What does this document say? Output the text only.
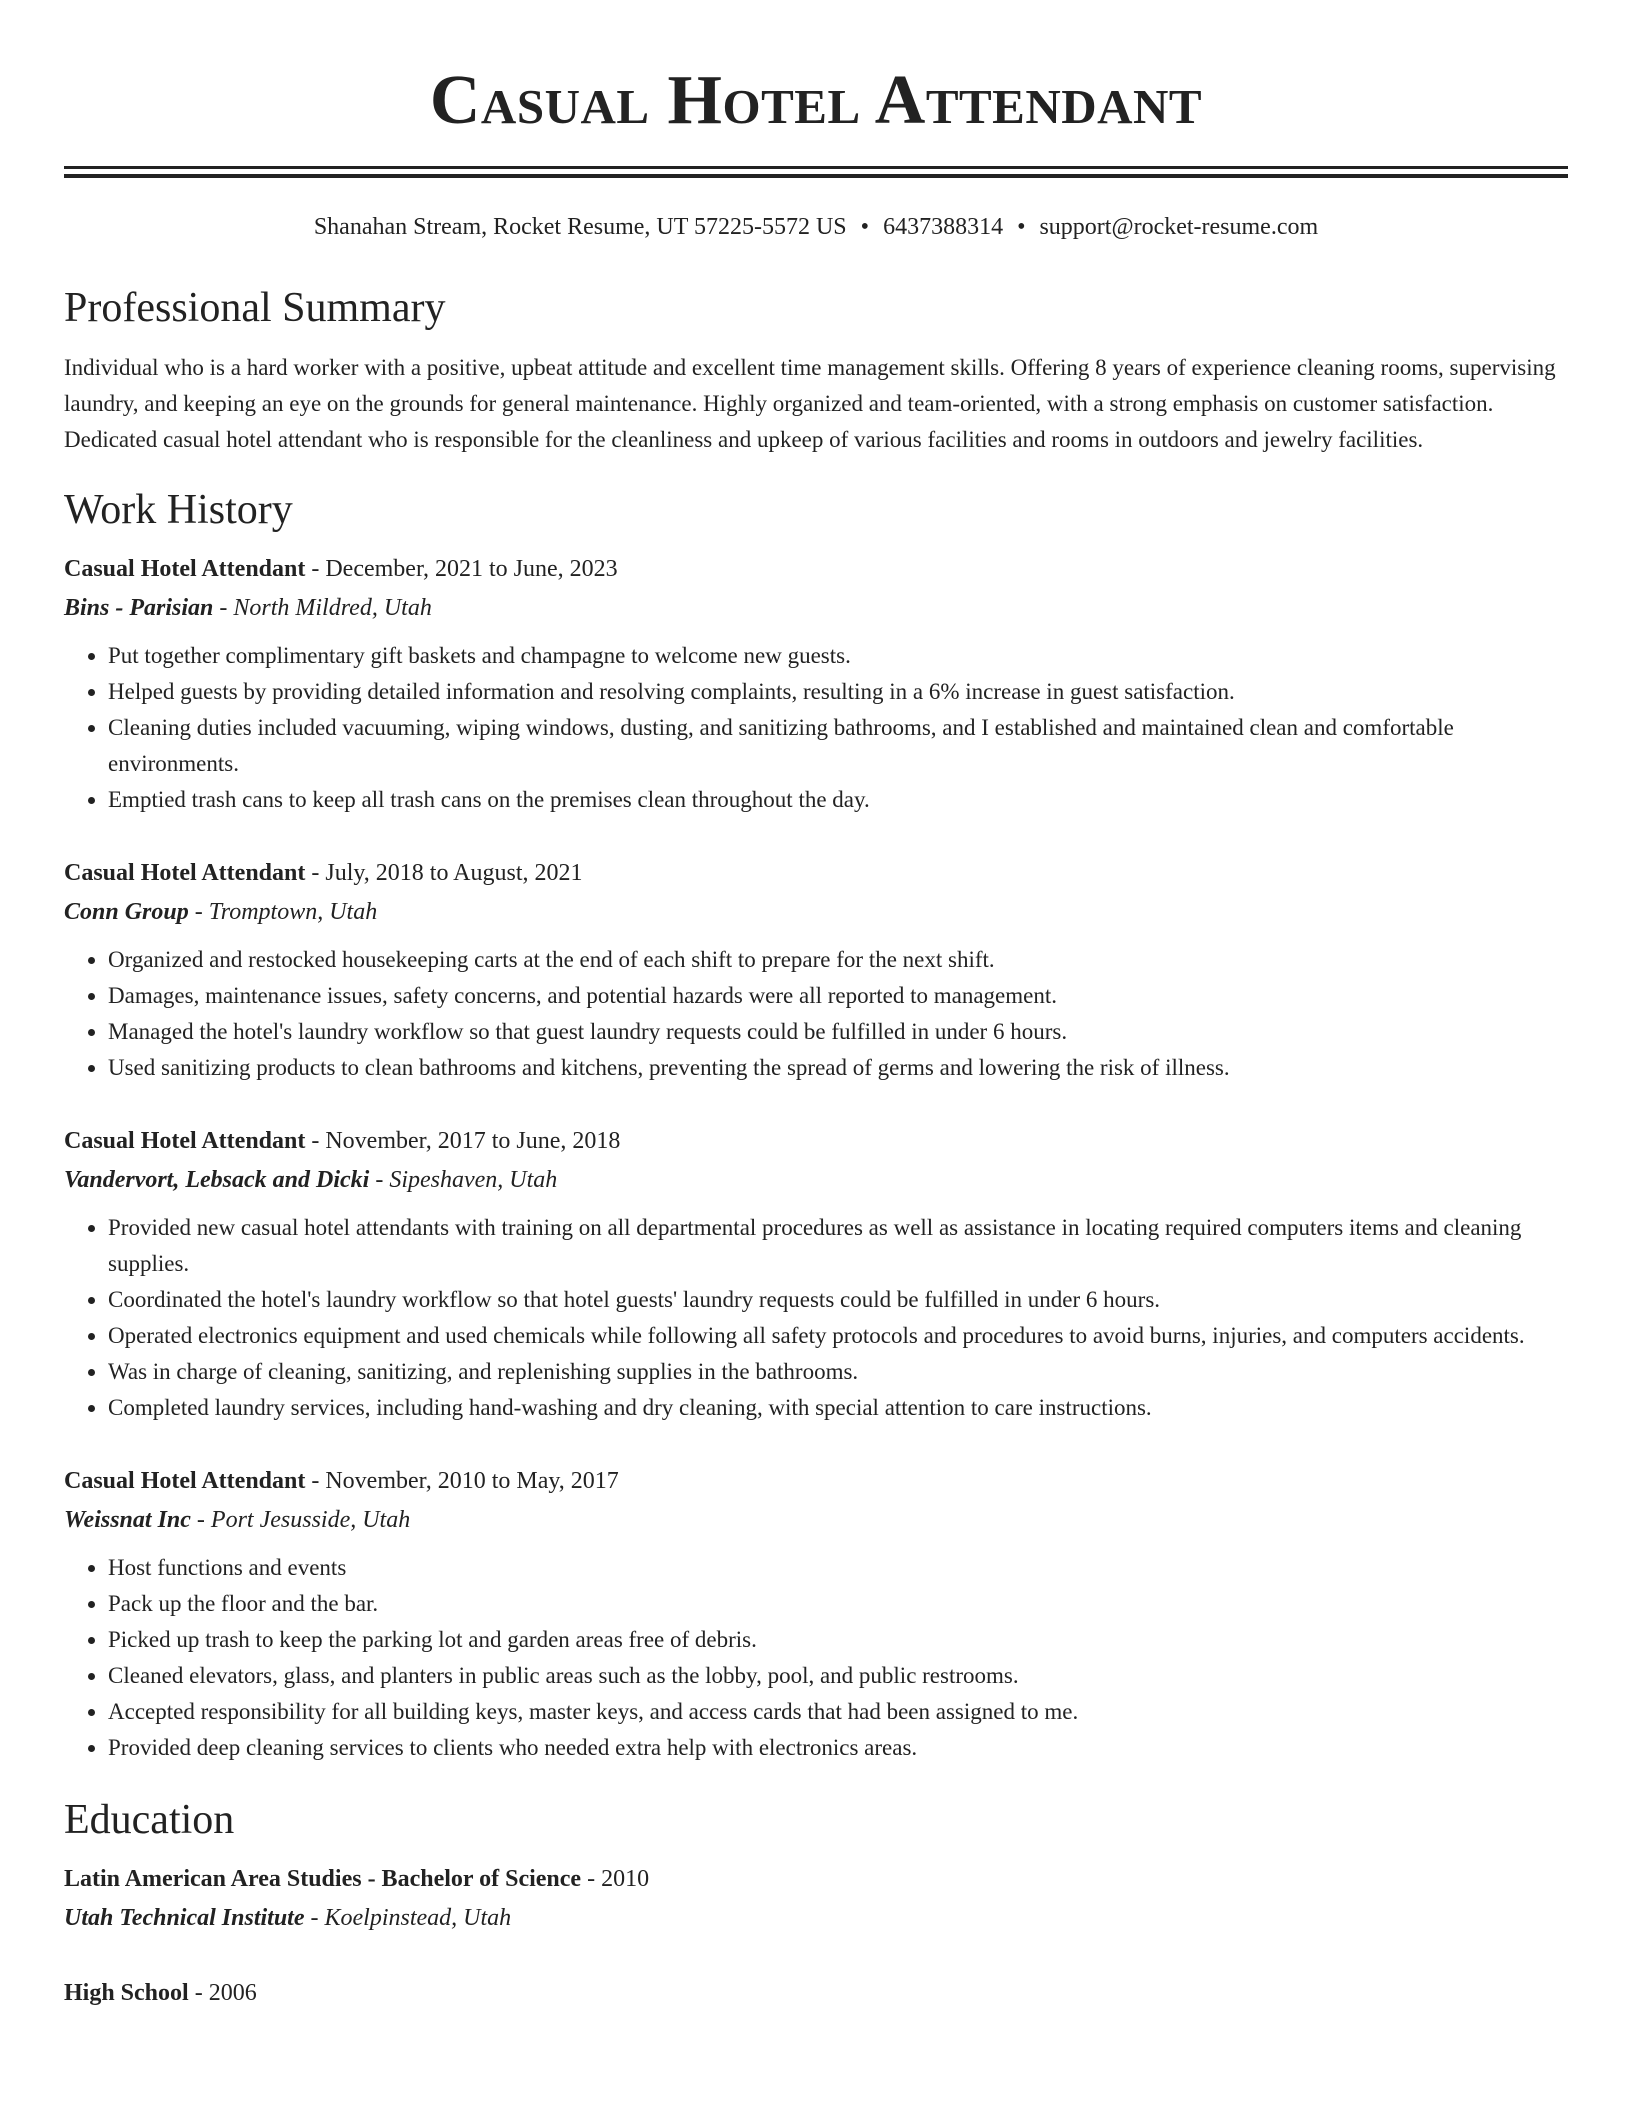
Casual Hotel Attendant
Shanahan Stream, Rocket Resume, UT 57225-5572 US • 6437388314 • support@rocket-resume.com
Professional Summary
Individual who is a hard worker with a positive, upbeat attitude and excellent time management skills. Offering 8 years of experience cleaning rooms, supervising laundry, and keeping an eye on the grounds for general maintenance. Highly organized and team-oriented, with a strong emphasis on customer satisfaction. Dedicated casual hotel attendant who is responsible for the cleanliness and upkeep of various facilities and rooms in outdoors and jewelry facilities.
Work History
Casual Hotel Attendant - December, 2021 to June, 2023
Bins - Parisian - North Mildred, Utah
• Put together complimentary gift baskets and champagne to welcome new guests.
• Helped guests by providing detailed information and resolving complaints, resulting in a 6% increase in guest satisfaction.
• Cleaning duties included vacuuming, wiping windows, dusting, and sanitizing bathrooms, and I established and maintained clean and comfortable environments.
• Emptied trash cans to keep all trash cans on the premises clean throughout the day.
Casual Hotel Attendant - July, 2018 to August, 2021
Conn Group - Tromptown, Utah
• Organized and restocked housekeeping carts at the end of each shift to prepare for the next shift.
• Damages, maintenance issues, safety concerns, and potential hazards were all reported to management.
• Managed the hotel's laundry workflow so that guest laundry requests could be fulfilled in under 6 hours.
• Used sanitizing products to clean bathrooms and kitchens, preventing the spread of germs and lowering the risk of illness.
Casual Hotel Attendant - November, 2017 to June, 2018
Vandervort, Lebsack and Dicki - Sipeshaven, Utah
• Provided new casual hotel attendants with training on all departmental procedures as well as assistance in locating required computers items and cleaning supplies.
• Coordinated the hotel's laundry workflow so that hotel guests' laundry requests could be fulfilled in under 6 hours.
• Operated electronics equipment and used chemicals while following all safety protocols and procedures to avoid burns, injuries, and computers accidents.
• Was in charge of cleaning, sanitizing, and replenishing supplies in the bathrooms.
• Completed laundry services, including hand-washing and dry cleaning, with special attention to care instructions.
Casual Hotel Attendant - November, 2010 to May, 2017
Weissnat Inc - Port Jesusside, Utah
• Host functions and events
• Pack up the floor and the bar.
• Picked up trash to keep the parking lot and garden areas free of debris.
• Cleaned elevators, glass, and planters in public areas such as the lobby, pool, and public restrooms.
• Accepted responsibility for all building keys, master keys, and access cards that had been assigned to me.
• Provided deep cleaning services to clients who needed extra help with electronics areas.
Education
Latin American Area Studies - Bachelor of Science - 2010
Utah Technical Institute - Koelpinstead, Utah
High School - 2006
